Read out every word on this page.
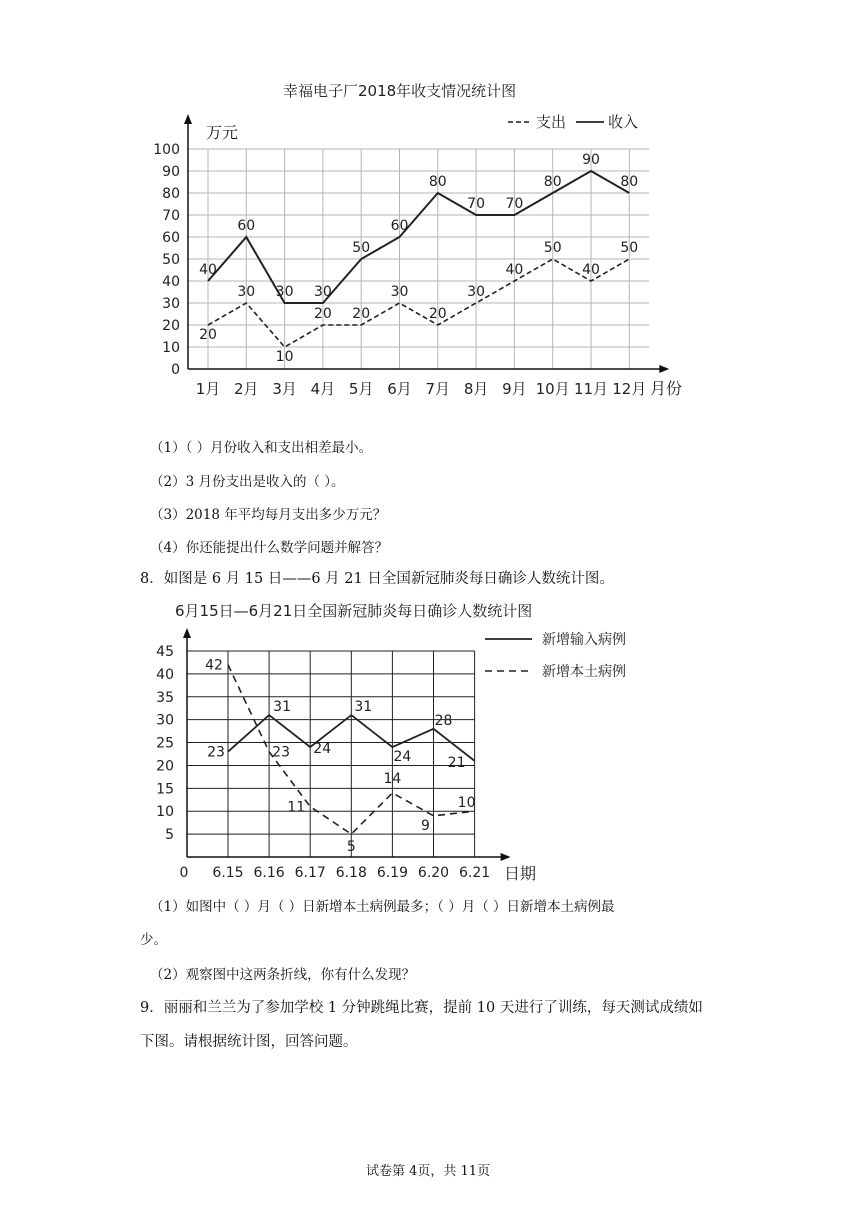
幸福电子厂2018年收支情况统计图
0
10
20
30
40
50
60
70
80
90
100
1月 2月 3月 4月 5月 6月 7月 8月 9月 10月 11月 12月
40
60
30 30
50
60
80
70 70
80
90
80
20
30
10
20 20
30
20
30
40
50
40
50
万元
月份
支出	收入
（1）（ ）月份收入和支出相差最小。
（2）3 月份支出是收入的（ ）。
（3）2018 年平均每月支出多少万元？
（4）你还能提出什么数学问题并解答？
8．如图是 6 月 15 日——6 月 21 日全国新冠肺炎每日确诊人数统计图。
6月15日—6月21日全国新冠肺炎每日确诊人数统计图
5
10
15
20
25
30
35
40
45
0 6.15 6.16 6.17 6.18 6.19 6.20 6.21
23
31
24
31
24
28
21
42
23
11
5
14
9
10
日期
新增输入病例
新增本土病例
（1）如图中（ ）月（ ）日新增本土病例最多；（ ）月（ ）日新增本土病例最
少。
（2）观察图中这两条折线，你有什么发现？
9．丽丽和兰兰为了参加学校 1 分钟跳绳比赛，提前 10 天进行了训练，每天测试成绩如
下图。请根据统计图，回答问题。
试卷第 4页，共 11页
